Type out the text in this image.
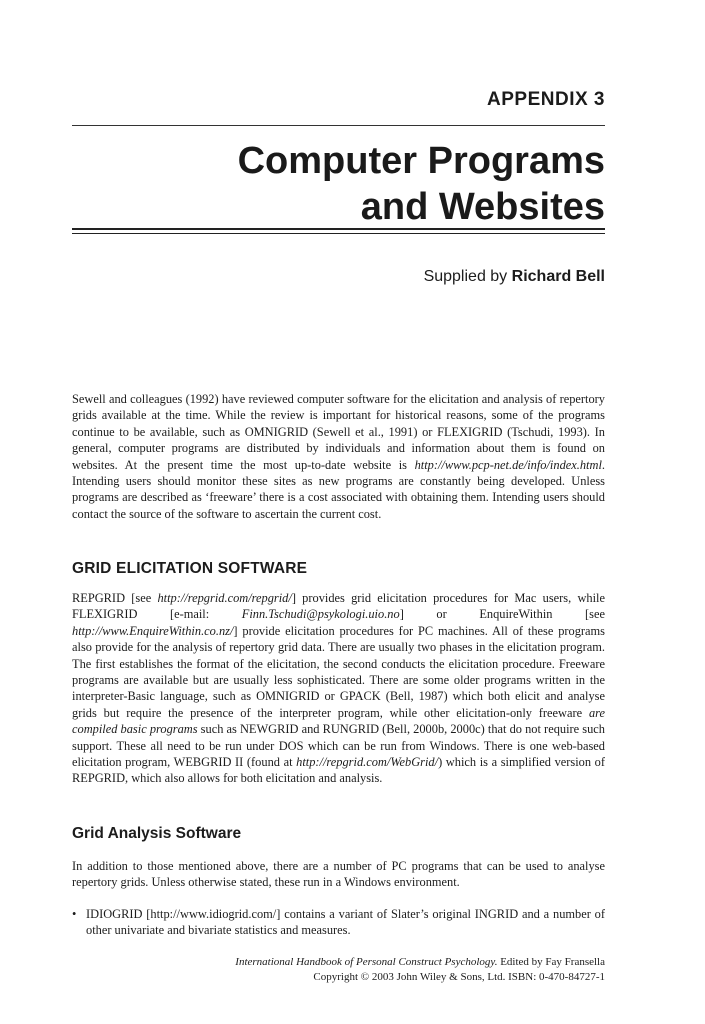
APPENDIX 3
Computer Programs
and Websites
Supplied by Richard Bell

Sewell and colleagues (1992) have reviewed computer software for the elicitation and analysis of repertory grids available at the time. While the review is important for historical reasons, some of the programs continue to be available, such as OMNIGRID (Sewell et al., 1991) or FLEXIGRID (Tschudi, 1993). In general, computer programs are distributed by individuals and information about them is found on websites. At the present time the most up-to-date website is http://www.pcp-net.de/info/index.html. Intending users should monitor these sites as new programs are constantly being developed. Unless programs are described as ‘freeware’ there is a cost associated with obtaining them. Intending users should contact the source of the software to ascertain the current cost.

GRID ELICITATION SOFTWARE

REPGRID [see http://repgrid.com/repgrid/] provides grid elicitation procedures for Mac users, while FLEXIGRID [e-mail: Finn.Tschudi@psykologi.uio.no] or EnquireWithin [see http://www.EnquireWithin.co.nz/] provide elicitation procedures for PC machines. All of these programs also provide for the analysis of repertory grid data. There are usually two phases in the elicitation program. The first establishes the format of the elicitation, the second conducts the elicitation procedure. Freeware programs are available but are usually less sophisticated. There are some older programs written in the interpreter-Basic language, such as OMNIGRID or GPACK (Bell, 1987) which both elicit and analyse grids but require the presence of the interpreter program, while other elicitation-only freeware are compiled basic programs such as NEWGRID and RUNGRID (Bell, 2000b, 2000c) that do not require such support. These all need to be run under DOS which can be run from Windows. There is one web-based elicitation program, WEBGRID II (found at http://repgrid.com/WebGrid/) which is a simplified version of REPGRID, which also allows for both elicitation and analysis.

Grid Analysis Software

In addition to those mentioned above, there are a number of PC programs that can be used to analyse repertory grids. Unless otherwise stated, these run in a Windows environment.

• IDIOGRID [http://www.idiogrid.com/] contains a variant of Slater’s original INGRID and a number of other univariate and bivariate statistics and measures.
International Handbook of Personal Construct Psychology. Edited by Fay Fransella
Copyright © 2003 John Wiley & Sons, Ltd. ISBN: 0-470-84727-1
